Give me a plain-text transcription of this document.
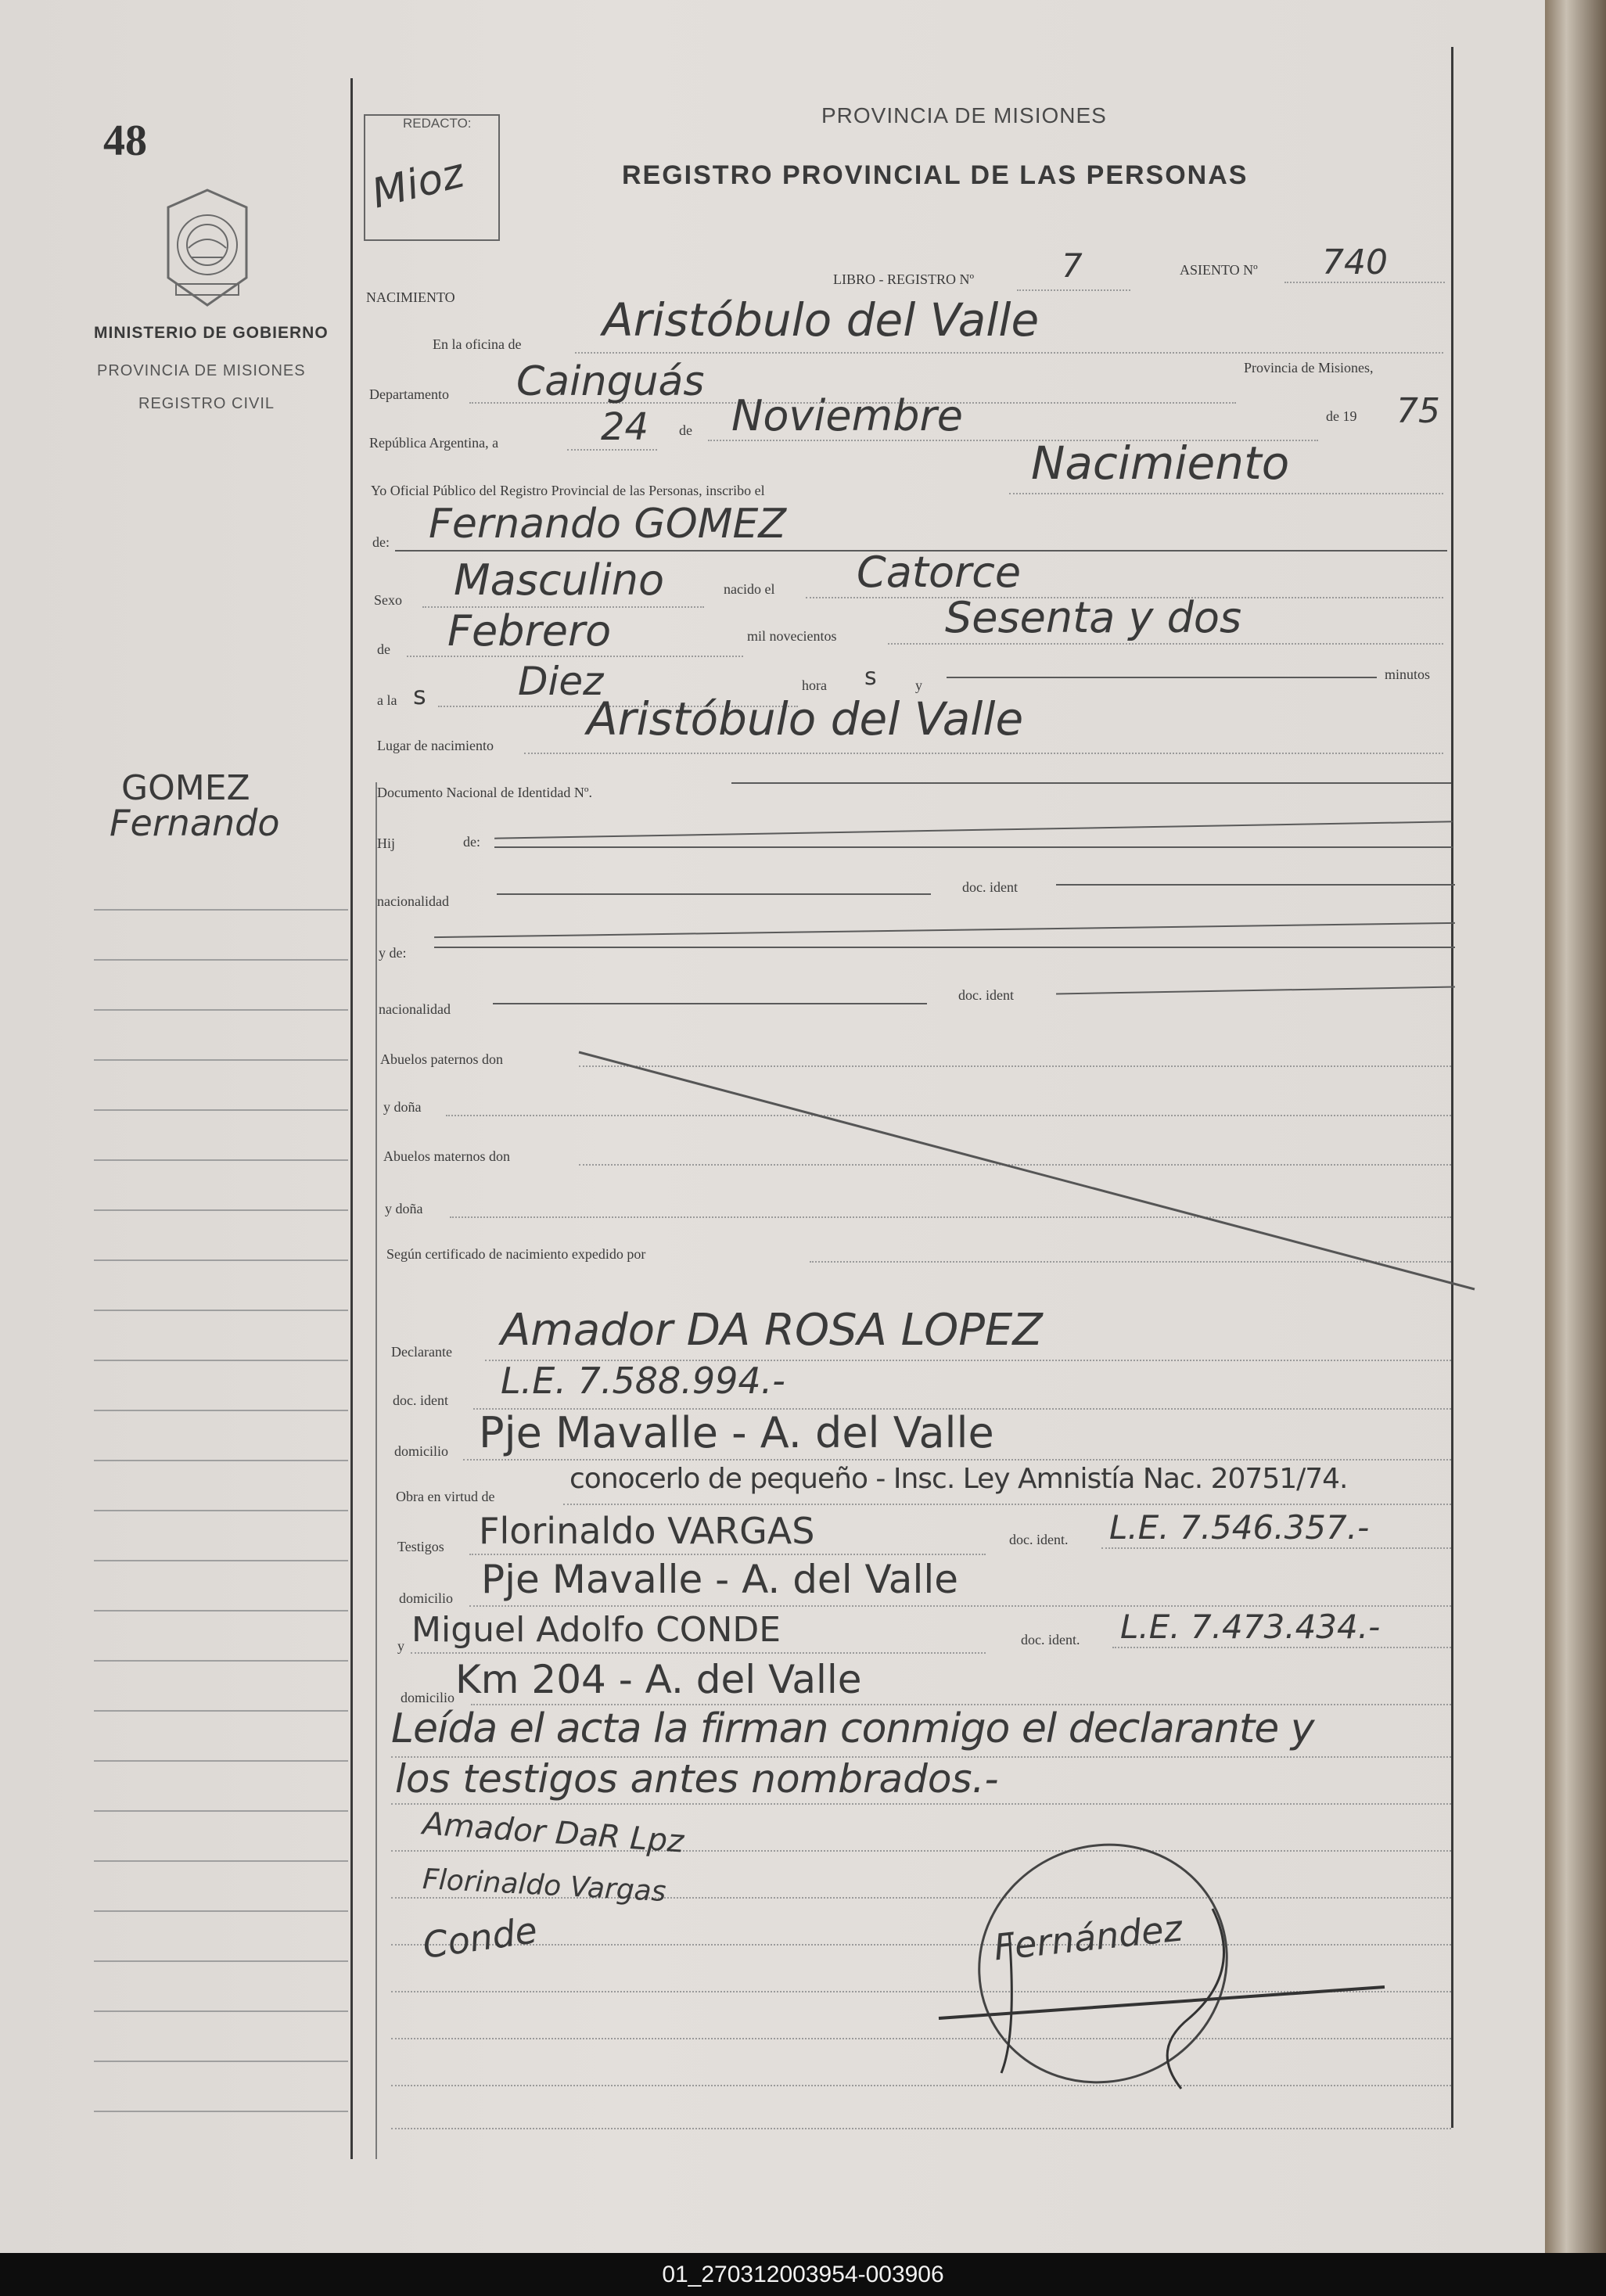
48
MINISTERIO DE GOBIERNO
PROVINCIA DE MISIONES
REGISTRO CIVIL
REDACTO:
Mioz
PROVINCIA DE MISIONES
REGISTRO PROVINCIAL DE LAS PERSONAS
NACIMIENTO
LIBRO - REGISTRO Nº	7	ASIENTO Nº 740
En la oficina de Aristóbulo del Valle
Departamento Cainguás	Provincia de Misiones,
República Argentina, a	24 de Noviembre	de 19 75
Yo Oficial Público del Registro Provincial de las Personas, inscribo el
Nacimiento
de: Fernando GOMEZ
Sexo Masculino	nacido el Catorce
de Febrero	mil novecientos	Sesenta y dos
a la s Diez	hora s	y
minutos
Lugar de nacimiento Aristóbulo del Valle
Documento Nacional de Identidad Nº.
Hij	de:
nacionalidad
doc. ident
y de:
nacionalidad
doc. ident
Abuelos paternos don
y doña
Abuelos maternos don
y doña
Según certificado de nacimiento expedido por
Declarante Amador DA ROSA LOPEZ
doc. ident L.E. 7.588.994.-
domicilio Pje Mavalle - A. del Valle
Obra en virtud de
conocerlo de pequeño - Insc. Ley Amnistía Nac. 20751/74.
Testigos Florinaldo VARGAS	doc. ident. L.E. 7.546.357.-
domicilio Pje Mavalle - A. del Valle
y Miguel Adolfo CONDE	doc. ident. L.E. 7.473.434.-
domicilio Km 204 - A. del Valle
Leída el acta la firman conmigo el declarante y
los testigos antes nombrados.-
Amador DaR Lpz
Florinaldo Vargas
Conde	Fernández
GOMEZ
Fernando
01_270312003954-003906
